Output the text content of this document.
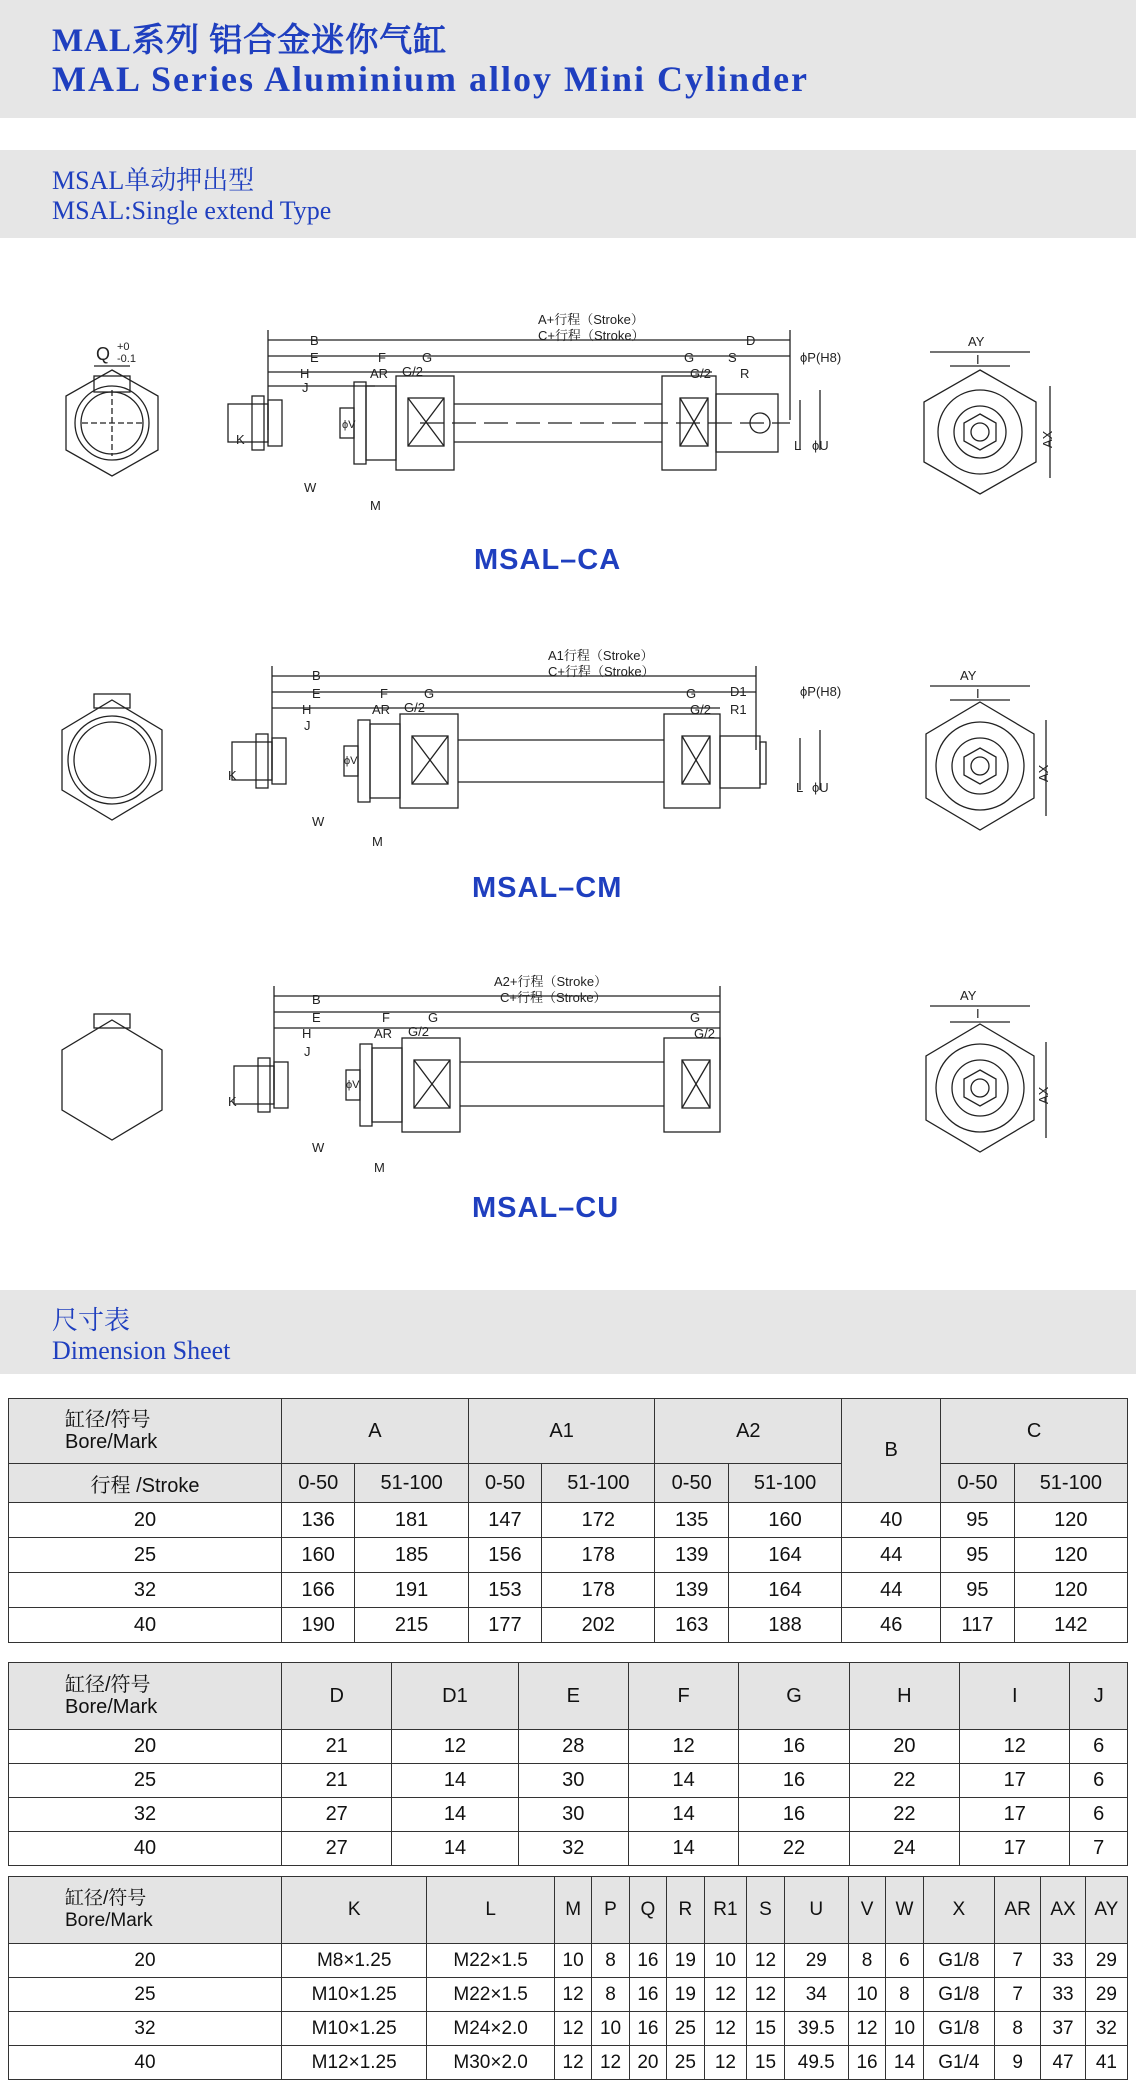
MAL系列 铝合金迷你气缸
MAL Series Aluminium alloy Mini Cylinder
MSAL单动押出型
MSAL:Single extend Type
Q +0
-0.1
A+行程（Stroke）
C+行程（Stroke）
B
E	F	G
H
J
AR G/2
K
ϕV
W
M
G
G/2
S
R
D
ϕP(H8)
L ϕU
AY
I
AX
MSAL–CA
A1行程（Stroke）
C+行程（Stroke）
B
E	F	G
H
J
AR G/2
K
ϕV
W
M
G
G/2
D1
R1
ϕP(H8)
L ϕU
AY
I
AX
MSAL–CM
A2+行程（Stroke）
C+行程（Stroke）
B
E	F	G
H
J
AR G/2
K
ϕV
W
M
G
G/2
AY
I
AX
MSAL–CU
尺寸表
Dimension Sheet
缸径/符号
Bore/Mark	A		A1		A2		B	C	
行程 /Stroke	0-50	51-100	0-50	51-100	0-50	51-100		0-50	51-100
20	136	181	147	172	135	160	40	95	120
25	160	185	156	178	139	164	44	95	120
32	166	191	153	178	139	164	44	95	120
40	190	215	177	202	163	188	46	117	142
缸径/符号
Bore/Mark	D	D1	E	F	G	H	I	J
20	21	12	28	12	16	20	12	6
25	21	14	30	14	16	22	17	6
32	27	14	30	14	16	22	17	6
40	27	14	32	14	22	24	17	7
缸径/符号
Bore/Mark	K	L	M	P	Q	R	R1	S	U	V	W	X	AR	AX	AY
20	M8×1.25	M22×1.5	10	8	16	19	10	12	29	8	6	G1/8	7	33	29
25	M10×1.25	M22×1.5	12	8	16	19	12	12	34	10	8	G1/8	7	33	29
32	M10×1.25	M24×2.0	12	10	16	25	12	15	39.5	12	10	G1/8	8	37	32
40	M12×1.25	M30×2.0	12	12	20	25	12	15	49.5	16	14	G1/4	9	47	41
